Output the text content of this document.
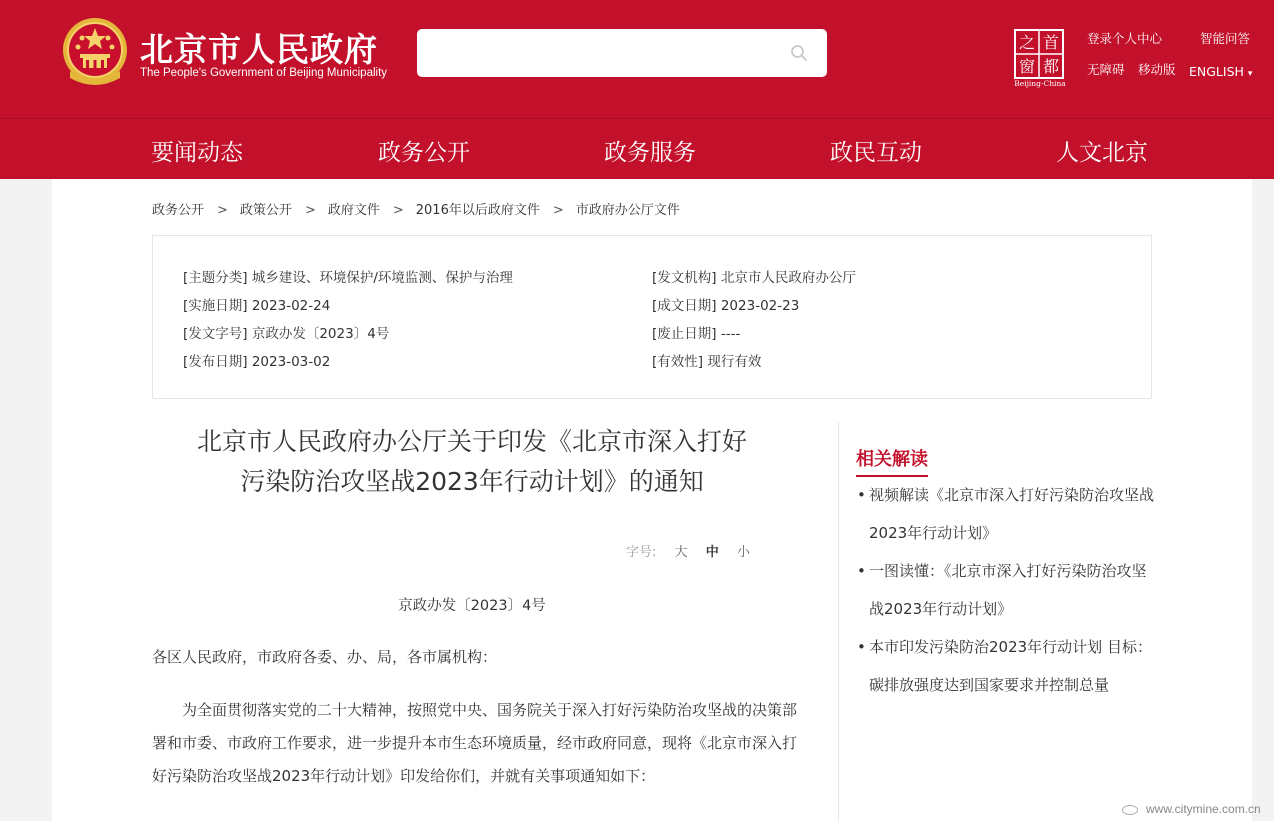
北京市人民政府
The People's Government of Beijing Municipality
之 首
窗 都
Beijing-China
登录个人中心	智能问答
无障碍 移动版 ENGLISH ▾
要闻动态	政务公开	政务服务	政民互动	人文北京
政务公开 > 政策公开 > 政府文件 > 2016年以后政府文件 > 市政府办公厅文件
[主题分类] 城乡建设、环境保护/环境监测、保护与治理	[发文机构] 北京市人民政府办公厅
[实施日期] 2023-02-24	[成文日期] 2023-02-23
[发文字号] 京政办发〔2023〕4号	[废止日期] ----
[发布日期] 2023-03-02	[有效性] 现行有效
北京市人民政府办公厅关于印发《北京市深入打好
污染防治攻坚战2023年行动计划》的通知
字号: 大 中 小
京政办发〔2023〕4号
各区人民政府，市政府各委、办、局，各市属机构：
为全面贯彻落实党的二十大精神，按照党中央、国务院关于深入打好污染防治攻坚战的决策部署和市委、市政府工作要求，进一步提升本市生态环境质量，经市政府同意，现将《北京市深入打好污染防治攻坚战2023年行动计划》印发给你们，并就有关事项通知如下：
相关解读
• 视频解读《北京市深入打好污染防治攻坚战2023年行动计划》
• 一图读懂：《北京市深入打好污染防治攻坚战2023年行动计划》
• 本市印发污染防治2023年行动计划 目标：碳排放强度达到国家要求并控制总量
www.citymine.com.cn
